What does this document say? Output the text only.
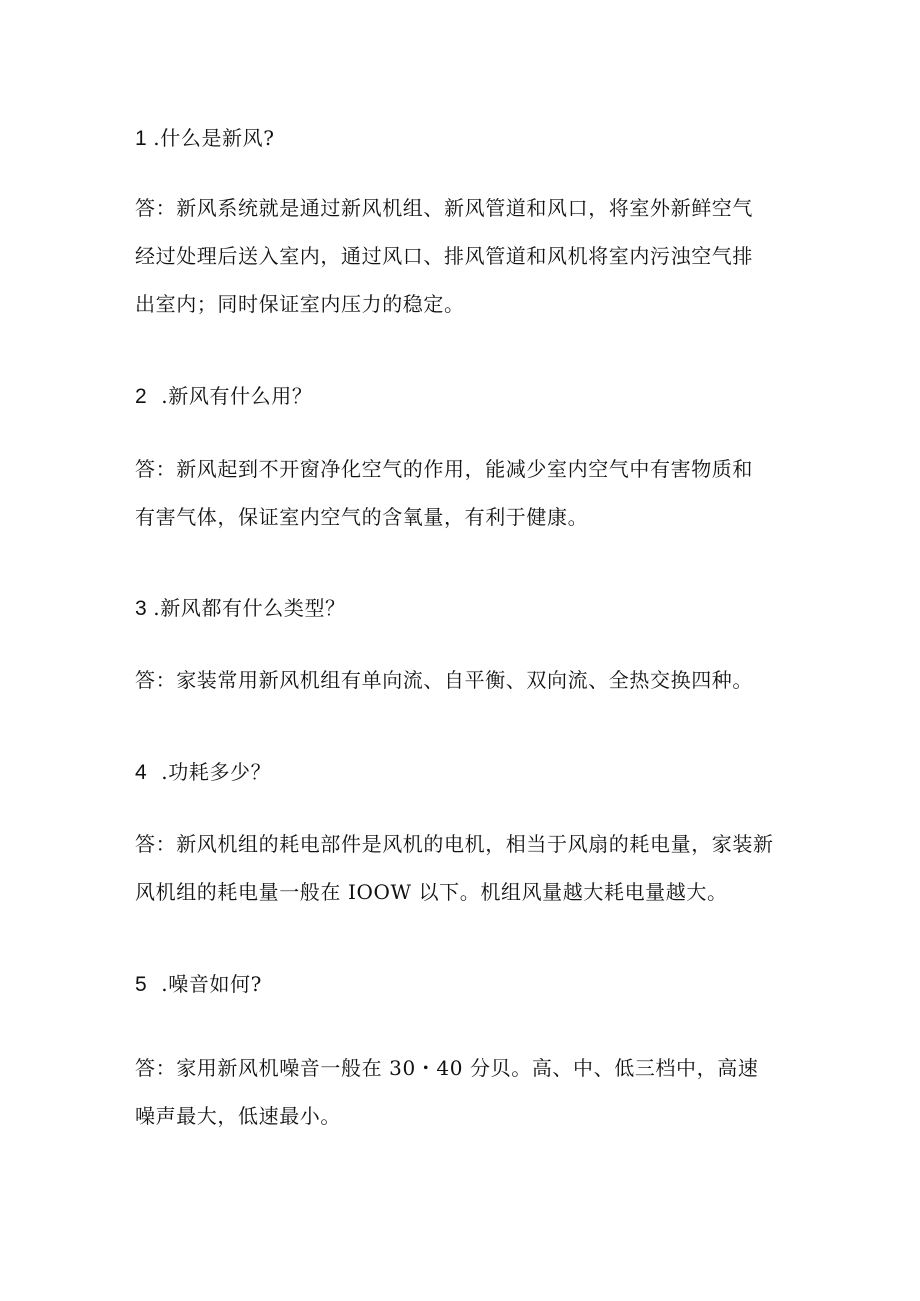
1 .什么是新风?

答：新风系统就是通过新风机组、新风管道和风口，将室外新鲜空气
经过处理后送入室内，通过风口、排风管道和风机将室内污浊空气排
出室内；同时保证室内压力的稳定。

2 .新风有什么用？

答：新风起到不开窗净化空气的作用，能减少室内空气中有害物质和
有害气体，保证室内空气的含氧量，有利于健康。

3 .新风都有什么类型？

答：家装常用新风机组有单向流、自平衡、双向流、全热交换四种。

4 .功耗多少？

答：新风机组的耗电部件是风机的电机，相当于风扇的耗电量，家装新
风机组的耗电量一般在 IOOW 以下。机组风量越大耗电量越大。

5 .噪音如何?

答：家用新风机噪音一般在 30・40 分贝。高、中、低三档中，高速
噪声最大，低速最小。
